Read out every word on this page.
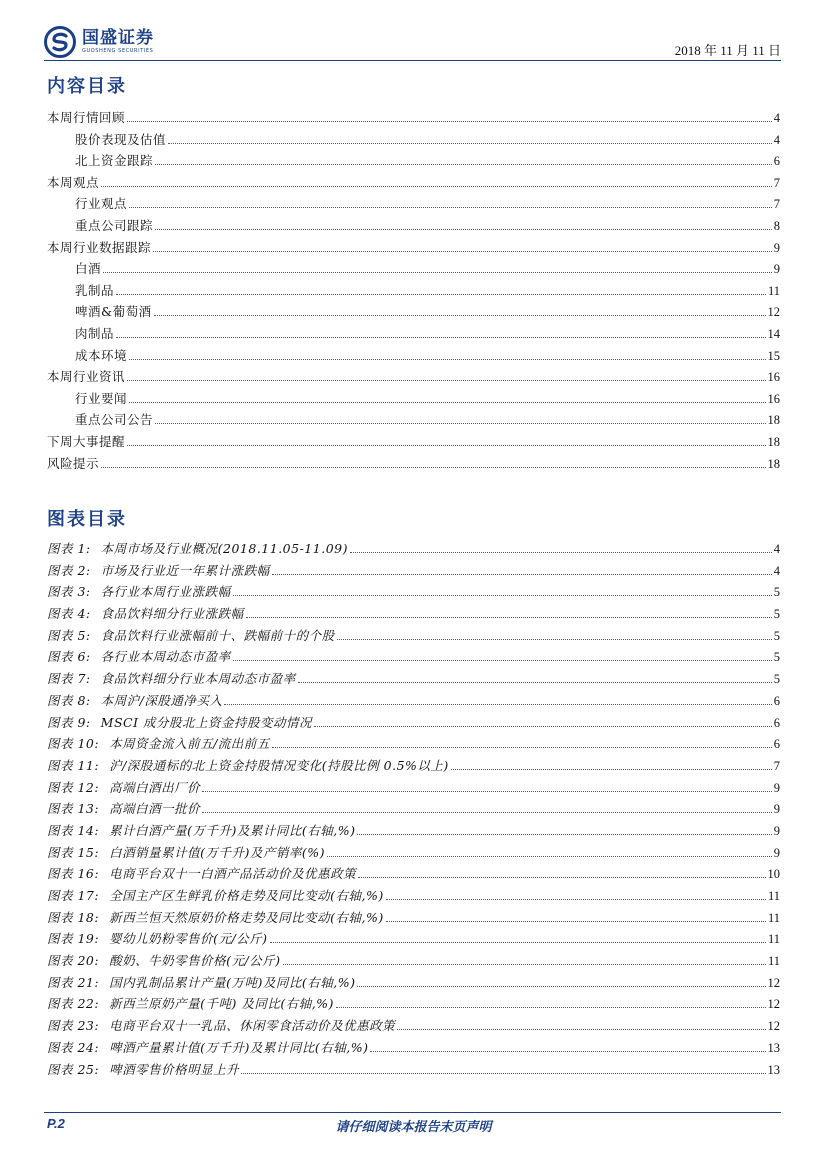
国盛证券
GUOSHENG SECURITIES	2018 年 11 月 11 日
内容目录
本周行情回顾	4
股价表现及估值	4
北上资金跟踪	6
本周观点	7
行业观点	7
重点公司跟踪	8
本周行业数据跟踪	9
白酒	9
乳制品	11
啤酒&葡萄酒	12
肉制品	14
成本环境	15
本周行业资讯	16
行业要闻	16
重点公司公告	18
下周大事提醒	18
风险提示	18
图表目录
图表 1: 本周市场及行业概况(2018.11.05-11.09)	4
图表 2: 市场及行业近一年累计涨跌幅	4
图表 3: 各行业本周行业涨跌幅	5
图表 4: 食品饮料细分行业涨跌幅	5
图表 5: 食品饮料行业涨幅前十、跌幅前十的个股	5
图表 6: 各行业本周动态市盈率	5
图表 7: 食品饮料细分行业本周动态市盈率	5
图表 8: 本周沪/深股通净买入	6
图表 9: MSCI 成分股北上资金持股变动情况	6
图表 10: 本周资金流入前五/流出前五	6
图表 11: 沪/深股通标的北上资金持股情况变化(持股比例 0.5%以上)	7
图表 12: 高端白酒出厂价	9
图表 13: 高端白酒一批价	9
图表 14: 累计白酒产量(万千升)及累计同比(右轴,%)	9
图表 15: 白酒销量累计值(万千升)及产销率(%)	9
图表 16: 电商平台双十一白酒产品活动价及优惠政策	10
图表 17: 全国主产区生鲜乳价格走势及同比变动(右轴,%)	11
图表 18: 新西兰恒天然原奶价格走势及同比变动(右轴,%)	11
图表 19: 婴幼儿奶粉零售价(元/公斤)	11
图表 20: 酸奶、牛奶零售价格(元/公斤)	11
图表 21: 国内乳制品累计产量(万吨)及同比(右轴,%)	12
图表 22: 新西兰原奶产量(千吨) 及同比(右轴,%)	12
图表 23: 电商平台双十一乳品、休闲零食活动价及优惠政策	12
图表 24: 啤酒产量累计值(万千升)及累计同比(右轴,%)	13
图表 25: 啤酒零售价格明显上升	13
P.2	请仔细阅读本报告末页声明
